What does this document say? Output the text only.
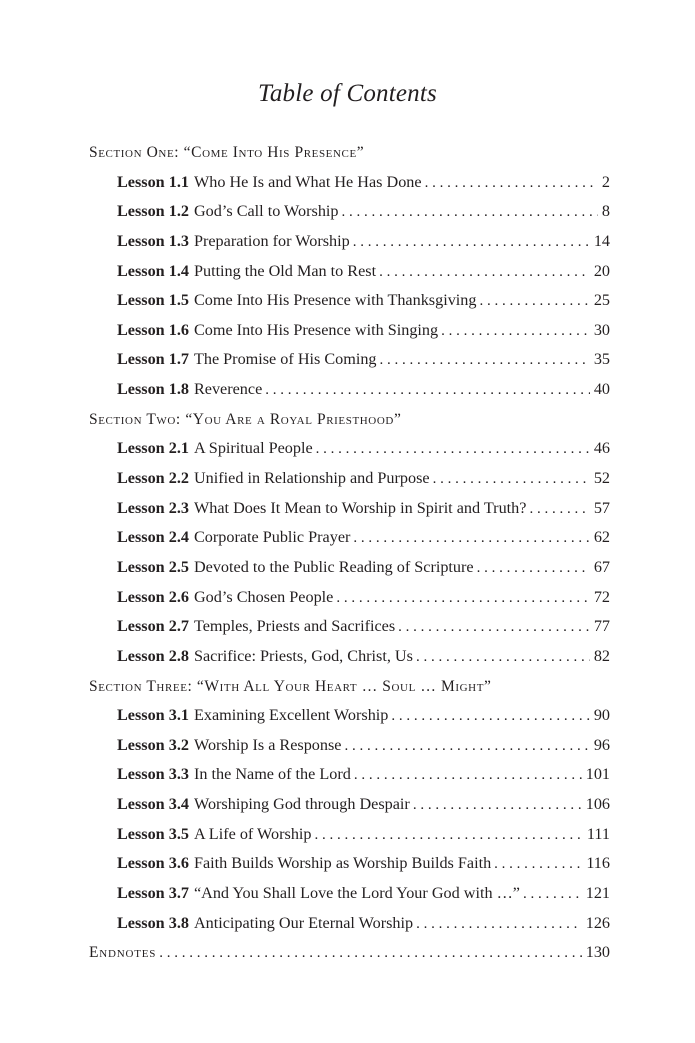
Table of Contents
Section One: “Come Into His Presence”
Lesson 1.1 Who He Is and What He Has Done . . .	2
Lesson 1.2 God’s Call to Worship . . .	8
Lesson 1.3 Preparation for Worship . . .	14
Lesson 1.4 Putting the Old Man to Rest . . .	20
Lesson 1.5 Come Into His Presence with Thanksgiving . . .	25
Lesson 1.6 Come Into His Presence with Singing . . .	30
Lesson 1.7 The Promise of His Coming . . .	35
Lesson 1.8 Reverence . . .	40
Section Two: “You Are a Royal Priesthood”
Lesson 2.1 A Spiritual People . . .	46
Lesson 2.2 Unified in Relationship and Purpose . . .	52
Lesson 2.3 What Does It Mean to Worship in Spirit and Truth? . . .	57
Lesson 2.4 Corporate Public Prayer . . .	62
Lesson 2.5 Devoted to the Public Reading of Scripture . . .	67
Lesson 2.6 God’s Chosen People . . .	72
Lesson 2.7 Temples, Priests and Sacrifices . . .	77
Lesson 2.8 Sacrifice: Priests, God, Christ, Us . . .	82
Section Three: “With All Your Heart … Soul … Might”
Lesson 3.1 Examining Excellent Worship . . .	90
Lesson 3.2 Worship Is a Response . . .	96
Lesson 3.3 In the Name of the Lord . . .	101
Lesson 3.4 Worshiping God through Despair . . .	106
Lesson 3.5 A Life of Worship . . .	111
Lesson 3.6 Faith Builds Worship as Worship Builds Faith . . .	116
Lesson 3.7 “And You Shall Love the Lord Your God with …” . . .	121
Lesson 3.8 Anticipating Our Eternal Worship . . .	126
Endnotes . . .	130
